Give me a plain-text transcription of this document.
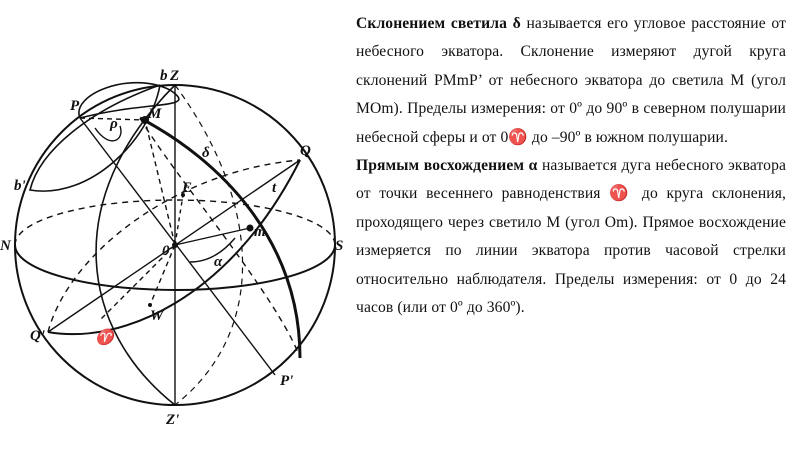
Z
Z'
N	S
P
P'
Q
Q'
b
b'
ρ
M
δ
E	t
m
0
α
W
♈

Склонением светила δ называется его угловое расстояние от небесного экватора. Склонение измеряют дугой круга склонений PMmP’ от небесного экватора до светила M (угол MOm). Пределы измерения: от 0º до 90º в северном полушарии небесной сферы и от 0♈ до –90º в южном полушарии.

Прямым восхождением α называется дуга небесного экватора от точки весеннего равноденствия ♈ до круга склонения, проходящего через светило M (угол Om). Прямое восхождение измеряется по линии экватора против часовой стрелки относительно наблюдателя. Пределы измерения: от 0 до 24 часов (или от 0º до 360º).
